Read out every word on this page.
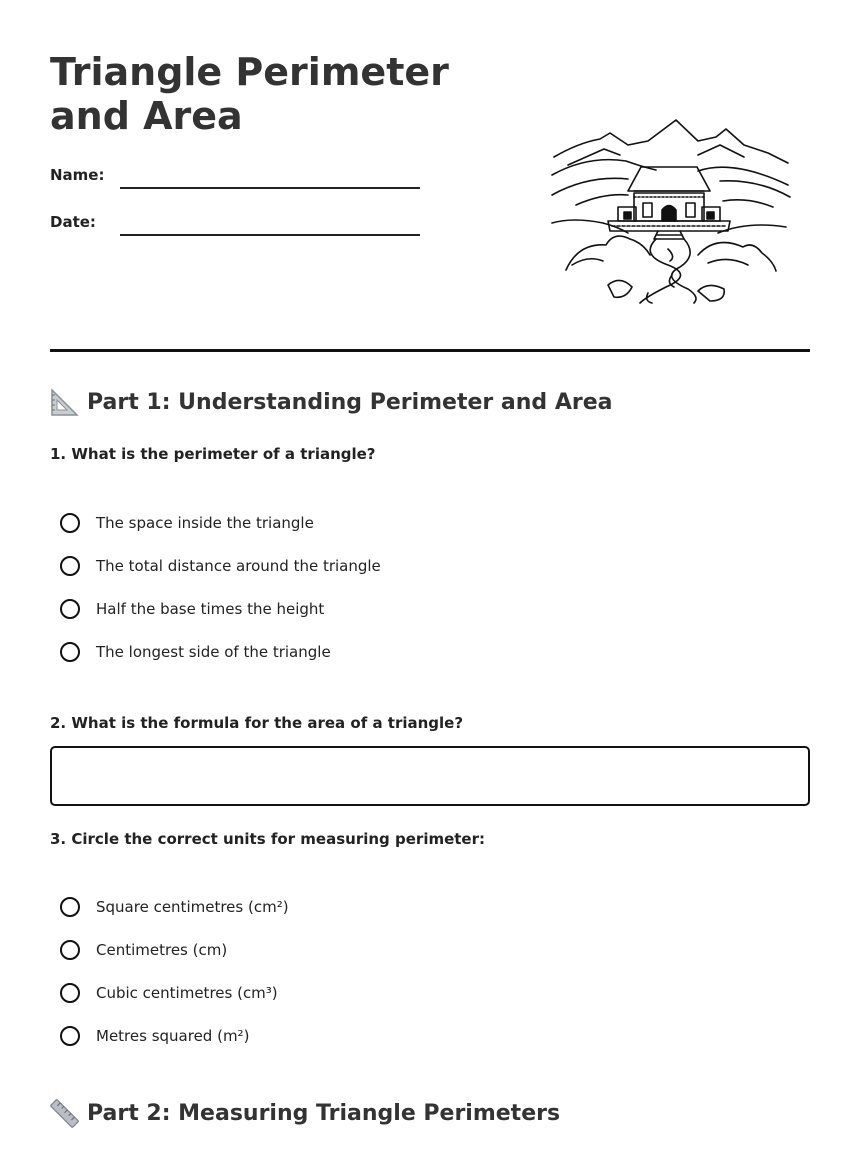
Triangle Perimeter and Area
Name:
Date:
Part 1: Understanding Perimeter and Area
1. What is the perimeter of a triangle?
The space inside the triangle
The total distance around the triangle
Half the base times the height
The longest side of the triangle
2. What is the formula for the area of a triangle?
3. Circle the correct units for measuring perimeter:
Square centimetres (cm²)
Centimetres (cm)
Cubic centimetres (cm³)
Metres squared (m²)
Part 2: Measuring Triangle Perimeters
